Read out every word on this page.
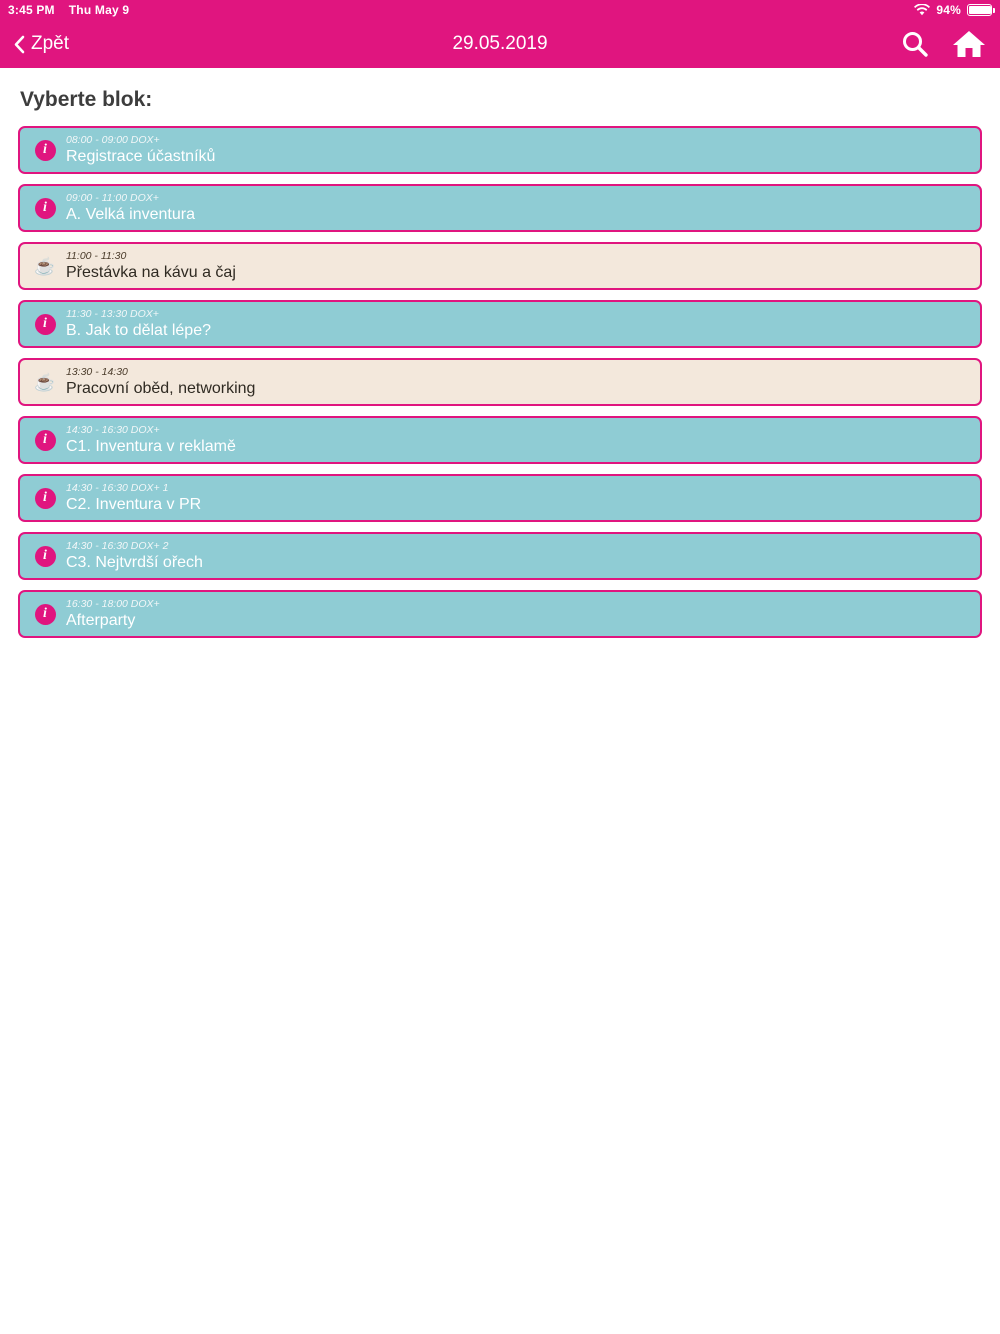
3:45 PM Thu May 9	94%
Zpět	29.05.2019
Vyberte blok:
i
08:00 - 09:00 DOX+
Registrace účastníků
i
09:00 - 11:00 DOX+
A. Velká inventura
☕
11:00 - 11:30
Přestávka na kávu a čaj
i
11:30 - 13:30 DOX+
B. Jak to dělat lépe?
☕
13:30 - 14:30
Pracovní oběd, networking
i
14:30 - 16:30 DOX+
C1. Inventura v reklamě
i
14:30 - 16:30 DOX+ 1
C2. Inventura v PR
i
14:30 - 16:30 DOX+ 2
C3. Nejtvrdší ořech
i
16:30 - 18:00 DOX+
Afterparty
